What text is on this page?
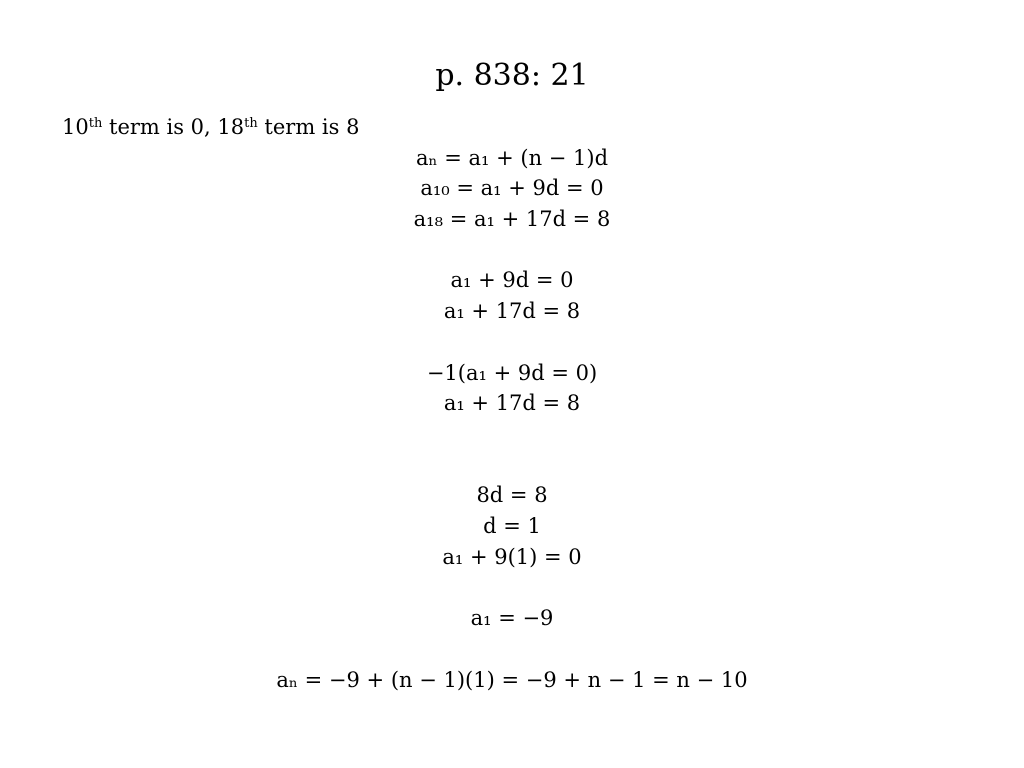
p. 838: 21
10th term is 0, 18th term is 8
aₙ = a₁ + (n − 1)d
a₁₀ = a₁ + 9d = 0
a₁₈ = a₁ + 17d = 8
a₁ + 9d = 0
a₁ + 17d = 8
−1(a₁ + 9d = 0)
a₁ + 17d = 8
8d = 8
d = 1
a₁ + 9(1) = 0
a₁ = −9
aₙ = −9 + (n − 1)(1) = −9 + n − 1 = n − 10
